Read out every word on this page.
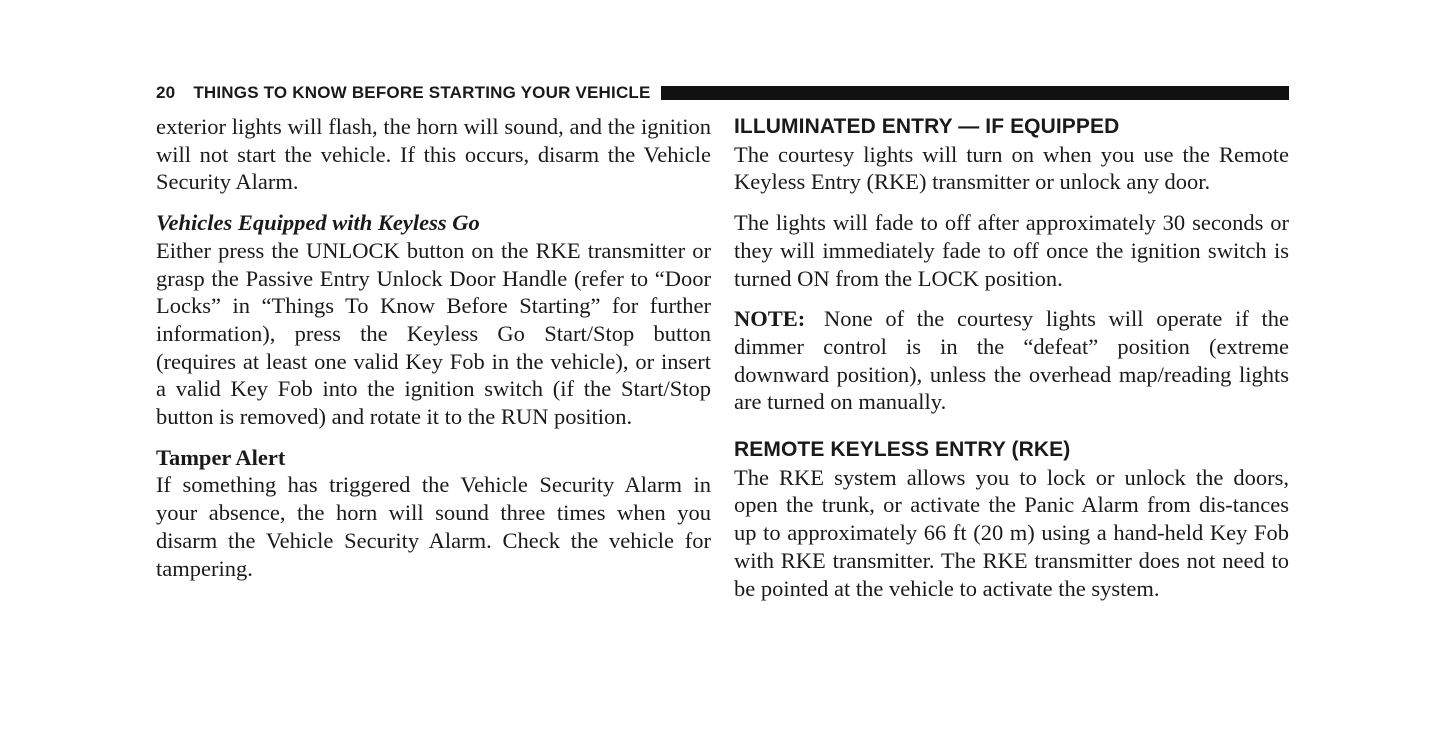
20 THINGS TO KNOW BEFORE STARTING YOUR VEHICLE

exterior lights will flash, the horn will sound, and the ignition will not start the vehicle. If this occurs, disarm the Vehicle Security Alarm.

Vehicles Equipped with Keyless Go

Either press the UNLOCK button on the RKE transmitter or grasp the Passive Entry Unlock Door Handle (refer to “Door Locks” in “Things To Know Before Starting” for further information), press the Keyless Go Start/Stop button (requires at least one valid Key Fob in the vehicle), or insert a valid Key Fob into the ignition switch (if the Start/Stop button is removed) and rotate it to the RUN position.

Tamper Alert

If something has triggered the Vehicle Security Alarm in your absence, the horn will sound three times when you disarm the Vehicle Security Alarm. Check the vehicle for tampering.

ILLUMINATED ENTRY — IF EQUIPPED

The courtesy lights will turn on when you use the Remote Keyless Entry (RKE) transmitter or unlock any door.

The lights will fade to off after approximately 30 seconds or they will immediately fade to off once the ignition switch is turned ON from the LOCK position.

NOTE: None of the courtesy lights will operate if the dimmer control is in the “defeat” position (extreme downward position), unless the overhead map/reading lights are turned on manually.

REMOTE KEYLESS ENTRY (RKE)

The RKE system allows you to lock or unlock the doors, open the trunk, or activate the Panic Alarm from dis-tances up to approximately 66 ft (20 m) using a hand-held Key Fob with RKE transmitter. The RKE transmitter does not need to be pointed at the vehicle to activate the system.
